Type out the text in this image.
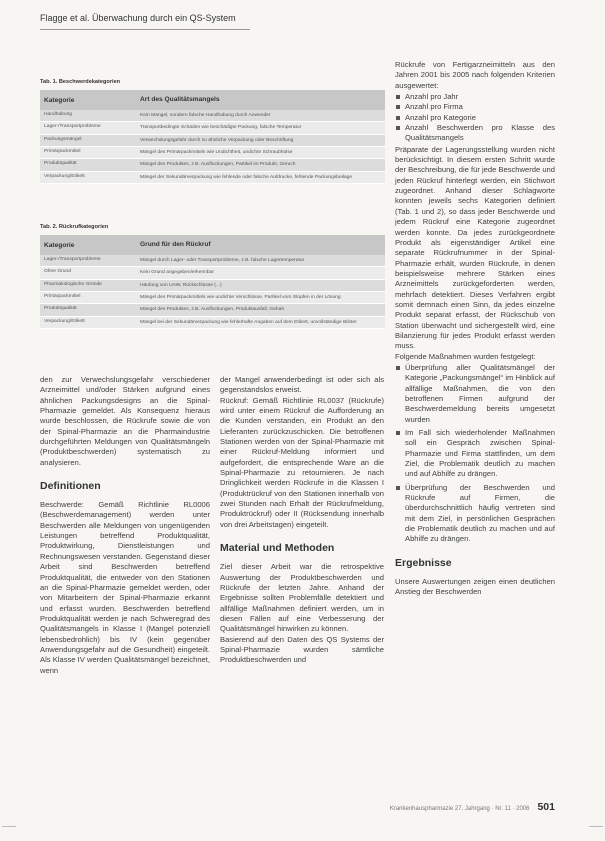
Flagge et al. Überwachung durch ein QS-System
Tab. 1. Beschwerdekategorien
Kategorie	Art des Qualitätsmangels
Handhabung	Kein Mangel, sondern falsche Handhabung durch Anwender
Lager-/Transportprobleme	Transportbedingte Schäden wie beschädigte Packung, falsche Temperatur
Packungsmängel	Verwechslungsgefahr durch zu ähnliche Verpackung oder Beschriftung
Primärpackmittel	Mängel des Primärpackmittels wie Undichtheit, undichte Schraubhülse
Produktqualität	Mängel des Produktes, z.B. Ausflockungen, Partikel im Produkt, Geruch
Verpackung/Etikett	Mängel der Sekundärverpackung wie fehlende oder falsche Aufdrucke, fehlende Packungsbeilage
Tab. 2. Rückrufkategorien
Kategorie	Grund für den Rückruf
Lager-/Transportprobleme	Mängel durch Lager- oder Transportprobleme, z.B. falsche Lagertemperatur
Ohne Grund	Kein Grund angegeben/erkennbar
Pharmakologische Gründe	Häufung von UAW, Rückschlüsse (...)
Primärpackmittel	Mängel des Primärpackmittels wie undichte Verschlüsse, Partikel vom Stopfen in der Lösung
Produktqualität	Mängel des Produktes, z.B. Ausflockungen, Produktausfall, Gehalt
Verpackung/Etikett	Mängel bei der Sekundärverpackung wie fehlerhafte Angaben auf dem Etikett, unvollständige Blister

den zur Verwechslungsgefahr verschiedener Arzneimittel und/oder Stärken aufgrund eines ähnlichen Packungsdesigns an die Spinal-Pharmazie gemeldet. Als Konsequenz hieraus wurde beschlossen, die Rückrufe sowie die von der Spinal-Pharmazie an die Pharmaindustrie durchgeführten Meldungen von Qualitätsmängeln (Produktbeschwerden) systematisch zu analysieren.

Definitionen

Beschwerde: Gemäß Richtlinie RL0006 (Beschwerdemanagement) werden unter Beschwerden alle Meldungen von ungenügenden Leistungen betreffend Produktqualität, Produktwirkung, Dienstleistungen und Rechnungswesen verstanden. Gegenstand dieser Arbeit sind Beschwerden betreffend Produktqualität, die entweder von den Stationen an die Spinal-Pharmazie gemeldet werden, oder von Mitarbeitern der Spinal-Pharmazie erkannt und erfasst wurden. Beschwerden betreffend Produktqualität werden je nach Schweregrad des Qualitätsmangels in Klasse I (Mangel potenziell lebensbedrohlich) bis IV (kein gegenüber Anwendungsgefahr auf die Gesundheit) eingeteilt. Als Klasse IV werden Qualitätsmängel bezeichnet, wenn

der Mangel anwenderbedingt ist oder sich als gegenstandslos erweist.

Rückruf: Gemäß Richtlinie RL0037 (Rückrufe) wird unter einem Rückruf die Aufforderung an die Kunden verstanden, ein Produkt an den Lieferanten zurückzuschicken. Die betroffenen Stationen werden von der Spinal-Pharmazie mit einer Rückruf-Meldung informiert und aufgefordert, die entsprechende Ware an die Spinal-Pharmazie zu retournieren. Je nach Dringlichkeit werden Rückrufe in die Klassen I (Produktrückruf von den Stationen innerhalb von zwei Stunden nach Erhalt der Rückrufmeldung, Produktrückruf) oder II (Rücksendung innerhalb von drei Arbeitstagen) eingeteilt.

Material und Methoden

Ziel dieser Arbeit war die retrospektive Auswertung der Produktbeschwerden und Rückrufe der letzten Jahre. Anhand der Ergebnisse sollten Problemfälle detektiert und allfällige Maßnahmen definiert werden, um in diesen Fällen auf eine Verbesserung der Qualitätsmängel hinwirken zu können.

Basierend auf den Daten des QS Systems der Spinal-Pharmazie wurden sämtliche Produktbeschwerden und

Rückrufe von Fertigarzneimitteln aus den Jahren 2001 bis 2005 nach folgenden Kriterien ausgewertet:

Anzahl pro Jahr
Anzahl pro Firma
Anzahl pro Kategorie
Anzahl Beschwerden pro Klasse des Qualitätsmangels

Präparate der Lagerungsstellung wurden nicht berücksichtigt. In diesem ersten Schritt wurde der Beschreibung, die für jede Beschwerde und jeden Rückruf hinterlegt werden, ein Stichwort zugeordnet. Anhand dieser Schlagworte konnten jeweils sechs Kategorien definiert (Tab. 1 und 2), so dass jeder Beschwerde und jedem Rückruf eine Kategorie zugeordnet werden konnte. Da jedes zurückgeordnete Produkt als eigenständiger Artikel eine separate Rückrufnummer in der Spinal-Pharmazie erhält, wurden Rückrufe, in denen beispielsweise mehrere Stärken eines Arzneimittels zurückgeforderten werden, mehrfach detektiert. Dieses Verfahren ergibt somit demnach einen Sinn, da jedes einzelne Produkt separat erfasst, der Rückschub von Station überwacht und sichergestellt wird, eine Bilanzierung für jedes Produkt erfasst werden muss.

Folgende Maßnahmen wurden festgelegt:

Überprüfung aller Qualitätsmängel der Kategorie „Packungsmängel“ im Hinblick auf allfällige Maßnahmen, die von den betroffenen Firmen aufgrund der Beschwerdemeldung bereits umgesetzt wurden
Im Fall sich wiederholender Maßnahmen soll ein Gespräch zwischen Spinal-Pharmazie und Firma stattfinden, um dem Ziel, die Problematik deutlich zu machen und auf Abhilfe zu drängen.
Überprüfung der Beschwerden und Rückrufe auf Firmen, die überdurchschnittlich häufig vertreten sind mit dem Ziel, in persönlichen Gesprächen die Problematik deutlich zu machen und auf Abhilfe zu drängen.
Ergebnisse

Unsere Auswertungen zeigen einen deutlichen Anstieg der Beschwerden

Krankenhauspharmazie 27. Jahrgang · Nr. 11 · 2006 501
